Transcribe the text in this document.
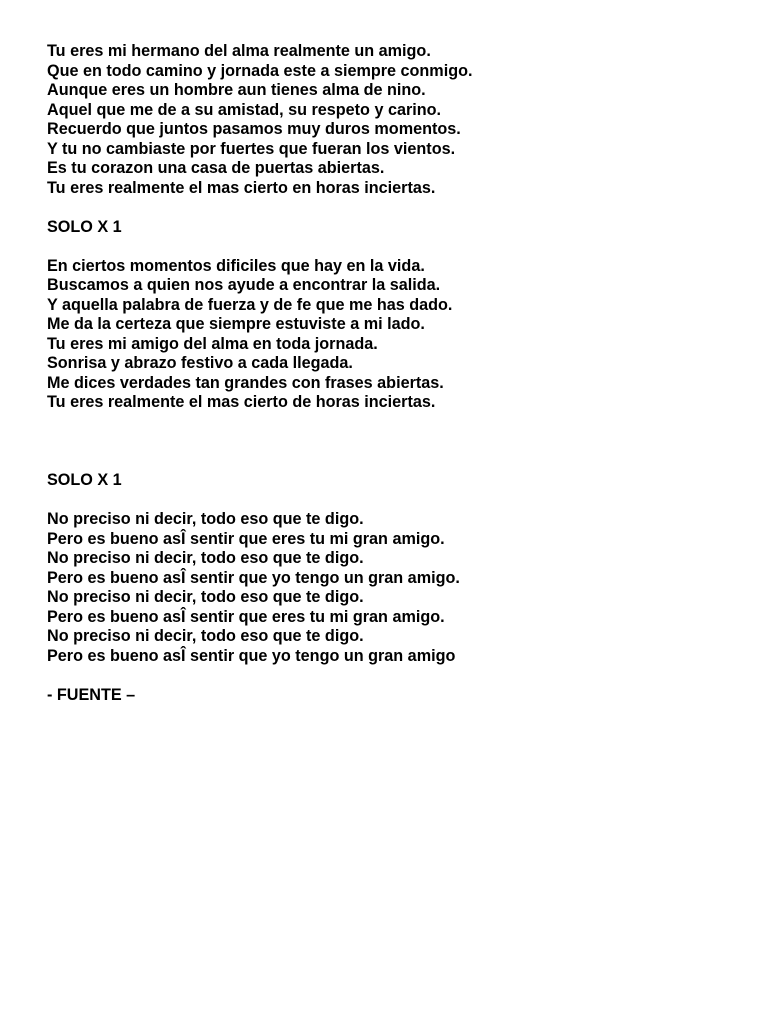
Tu eres mi hermano del alma realmente un amigo.
Que en todo camino y jornada este a siempre conmigo.
Aunque eres un hombre aun tienes alma de nino.
Aquel que me de a su amistad, su respeto y carino.
Recuerdo que juntos pasamos muy duros momentos.
Y tu no cambiaste por fuertes que fueran los vientos.
Es tu corazon una casa de puertas abiertas.
Tu eres realmente el mas cierto en horas inciertas.
SOLO X 1
En ciertos momentos dificiles que hay en la vida.
Buscamos a quien nos ayude a encontrar la salida.
Y aquella palabra de fuerza y de fe que me has dado.
Me da la certeza que siempre estuviste a mi lado.
Tu eres mi amigo del alma en toda jornada.
Sonrisa y abrazo festivo a cada llegada.
Me dices verdades tan grandes con frases abiertas.
Tu eres realmente el mas cierto de horas inciertas.
SOLO X 1
No preciso ni decir, todo eso que te digo.
Pero es bueno asÎ sentir que eres tu mi gran amigo.
No preciso ni decir, todo eso que te digo.
Pero es bueno asÎ sentir que yo tengo un gran amigo.
No preciso ni decir, todo eso que te digo.
Pero es bueno asÎ sentir que eres tu mi gran amigo.
No preciso ni decir, todo eso que te digo.
Pero es bueno asÎ sentir que yo tengo un gran amigo
- FUENTE –
